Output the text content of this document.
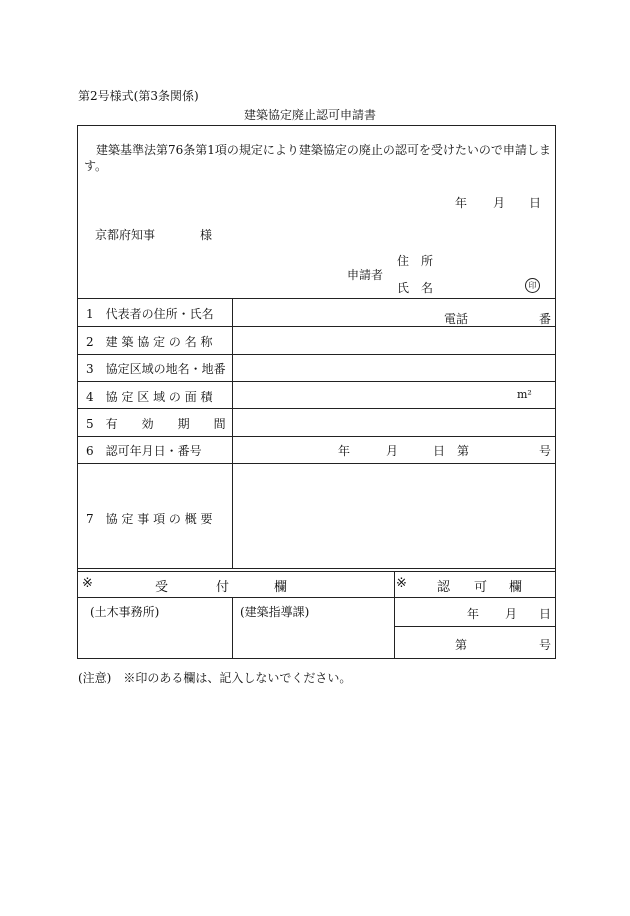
第2号様式(第3条関係)
建築協定廃止認可申請書
建築基準法第76条第1項の規定により建築協定の廃止の認可を受けたいので申請しま
す。
年 月 日
京都府知事	様
住　所
申請者
氏　名	印
1　代表者の住所・氏名	電話	番
2　建 築 協 定 の 名 称
3　協定区域の地名・地番
4　協 定 区 域 の 面 積	m²
5　有　　効　　期　　間
6　認可年月日・番号	年	月	日 第	号
7　協 定 事 項 の 概 要
※	受	付	欄	※ 認 可 欄
(土木事務所)	(建築指導課)	年 月 日
第	号
(注意)　※印のある欄は、記入しないでください。
